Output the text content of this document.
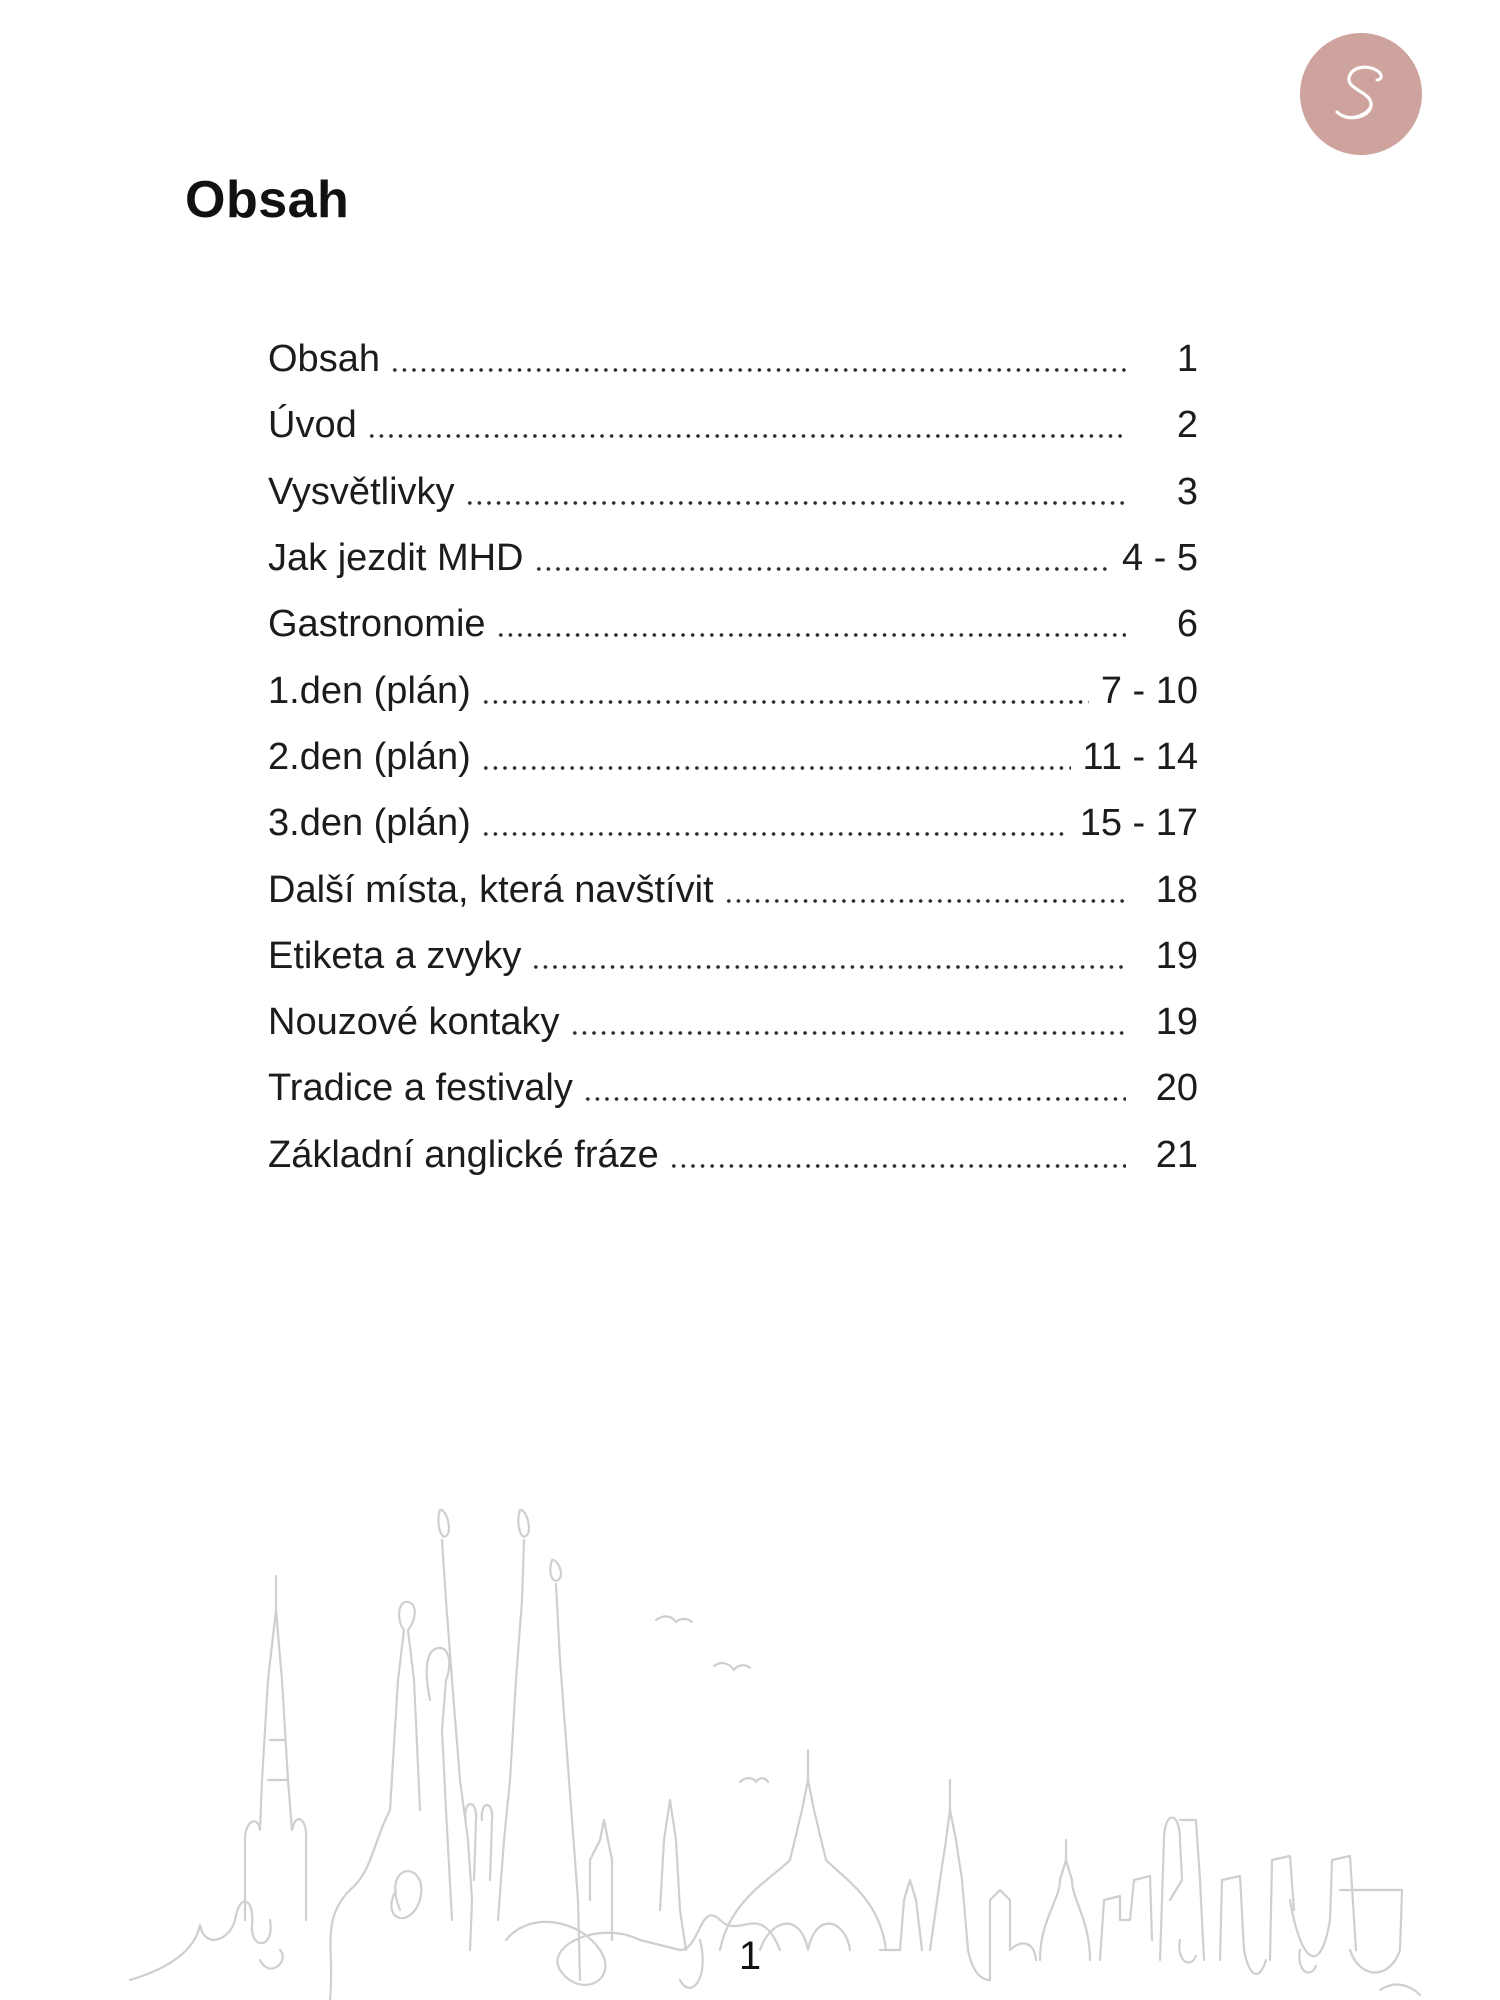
Obsah
Obsah	1
Úvod	2
Vysvětlivky	3
Jak jezdit MHD	4 - 5
Gastronomie	6
1.den (plán)	7 - 10
2.den (plán)	11 - 14
3.den (plán)	15 - 17
Další místa, která navštívit	18
Etiketa a zvyky	19
Nouzové kontaky	19
Tradice a festivaly	20
Základní anglické fráze	21
1
